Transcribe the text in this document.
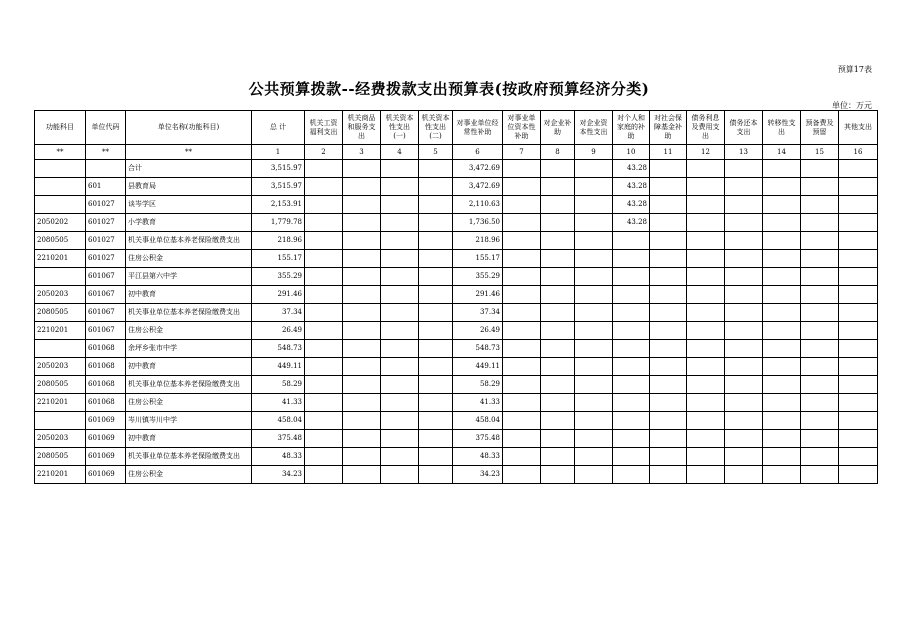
预算17表
公共预算拨款--经费拨款支出预算表(按政府预算经济分类)
单位：万元
功能科目	单位代码	单位名称(功能科目)	总 计	机关工资福利支出	机关商品和服务支出	机关资本性支出(一)	机关资本性支出(二)	对事业单位经常性补助	对事业单位资本性补助	对企业补助	对企业资本性支出	对个人和家庭的补助	对社会保障基金补助	债务利息及费用支出	债务还本支出	转移性支出	预备费及预留	其他支出
**	**	**	1	2	3	4	5	6	7	8	9	10	11	12	13	14	15	16
		合计	3,515.97					3,472.69				43.28						
	601	县教育局	3,515.97					3,472.69				43.28						
	601027	谈岑学区	2,153.91					2,110.63				43.28						
2050202	601027	小学教育	1,779.78					1,736.50				43.28						
2080505	601027	机关事业单位基本养老保险缴费支出	218.96					218.96										
2210201	601027	住房公积金	155.17					155.17										
	601067	平江县第六中学	355.29					355.29										
2050203	601067	初中教育	291.46					291.46										
2080505	601067	机关事业单位基本养老保险缴费支出	37.34					37.34										
2210201	601067	住房公积金	26.49					26.49										
	601068	余坪乡张市中学	548.73					548.73										
2050203	601068	初中教育	449.11					449.11										
2080505	601068	机关事业单位基本养老保险缴费支出	58.29					58.29										
2210201	601068	住房公积金	41.33					41.33										
	601069	岑川镇岑川中学	458.04					458.04										
2050203	601069	初中教育	375.48					375.48										
2080505	601069	机关事业单位基本养老保险缴费支出	48.33					48.33										
2210201	601069	住房公积金	34.23					34.23										
